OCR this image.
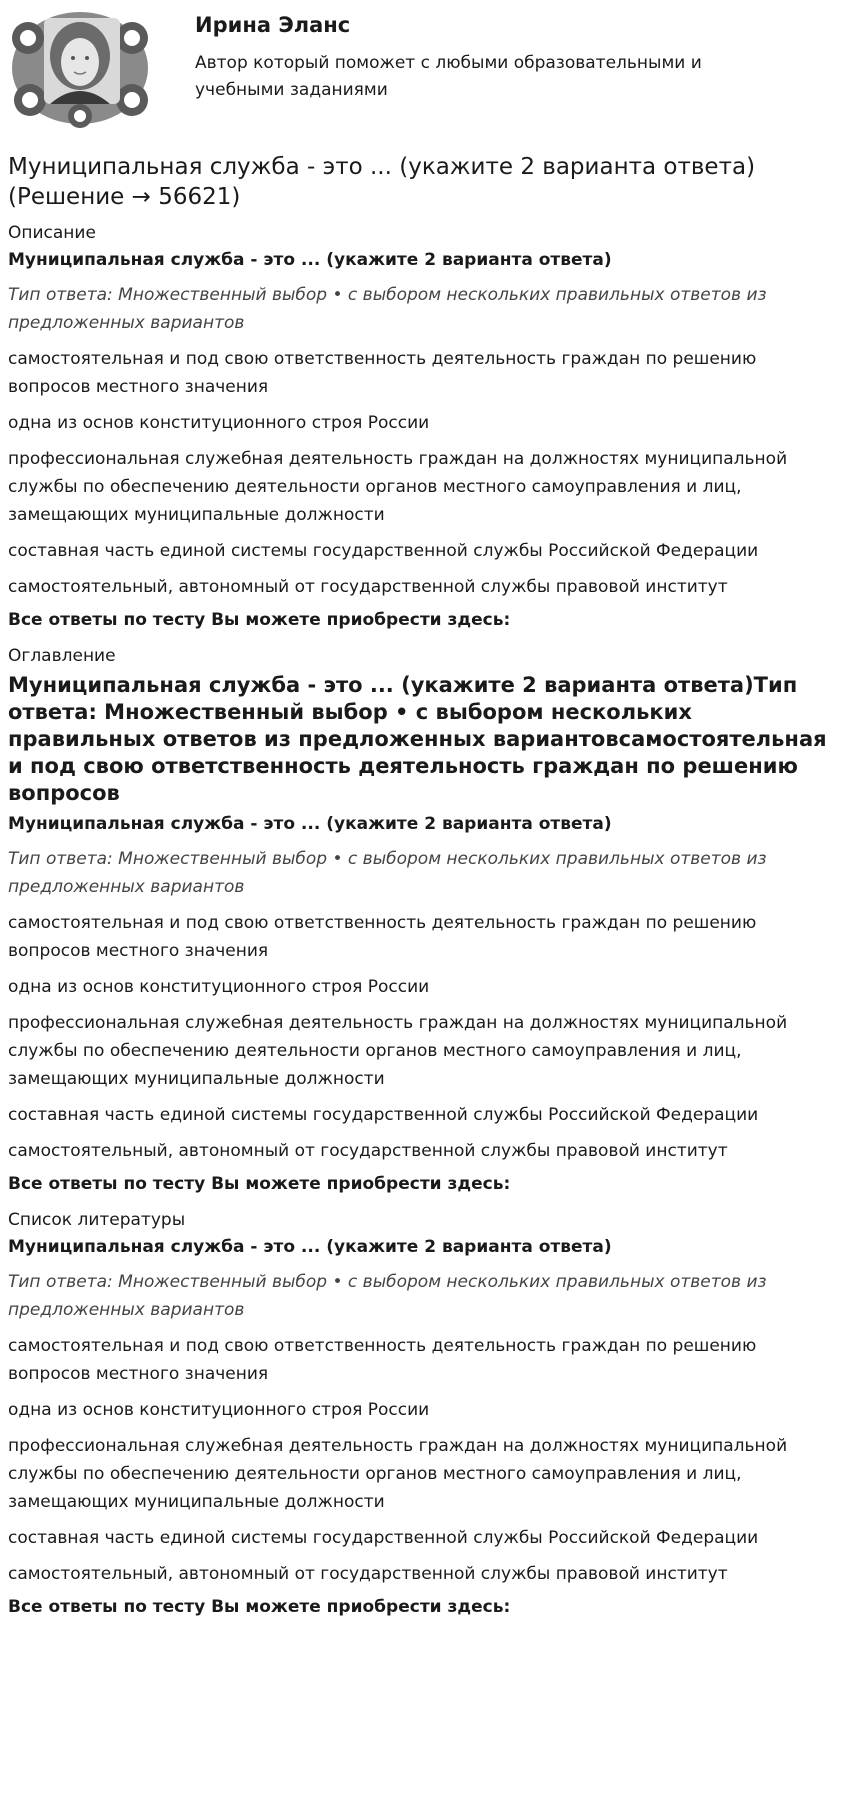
Ирина Эланс

Автор который поможет с любыми образовательными и учебными заданиями

Муниципальная служба - это ... (укажите 2 варианта ответа) (Решение → 56621)

Описание

Муниципальная служба - это ... (укажите 2 варианта ответа)

Тип ответа: Множественный выбор • с выбором нескольких правильных ответов из предложенных вариантов

самостоятельная и под свою ответственность деятельность граждан по решению вопросов местного значения

одна из основ конституционного строя России

профессиональная служебная деятельность граждан на должностях муниципальной службы по обеспечению деятельности органов местного самоуправления и лиц, замещающих муниципальные должности

составная часть единой системы государственной службы Российской Федерации

самостоятельный, автономный от государственной службы правовой институт

Все ответы по тесту Вы можете приобрести здесь:

Оглавление

Муниципальная служба - это ... (укажите 2 варианта ответа)Тип ответа: Множественный выбор • с выбором нескольких правильных ответов из предложенных вариантовсамостоятельная и под свою ответственность деятельность граждан по решению вопросов

Муниципальная служба - это ... (укажите 2 варианта ответа)

Тип ответа: Множественный выбор • с выбором нескольких правильных ответов из предложенных вариантов

самостоятельная и под свою ответственность деятельность граждан по решению вопросов местного значения

одна из основ конституционного строя России

профессиональная служебная деятельность граждан на должностях муниципальной службы по обеспечению деятельности органов местного самоуправления и лиц, замещающих муниципальные должности

составная часть единой системы государственной службы Российской Федерации

самостоятельный, автономный от государственной службы правовой институт

Все ответы по тесту Вы можете приобрести здесь:

Список литературы

Муниципальная служба - это ... (укажите 2 варианта ответа)

Тип ответа: Множественный выбор • с выбором нескольких правильных ответов из предложенных вариантов

самостоятельная и под свою ответственность деятельность граждан по решению вопросов местного значения

одна из основ конституционного строя России

профессиональная служебная деятельность граждан на должностях муниципальной службы по обеспечению деятельности органов местного самоуправления и лиц, замещающих муниципальные должности

составная часть единой системы государственной службы Российской Федерации

самостоятельный, автономный от государственной службы правовой институт

Все ответы по тесту Вы можете приобрести здесь:
